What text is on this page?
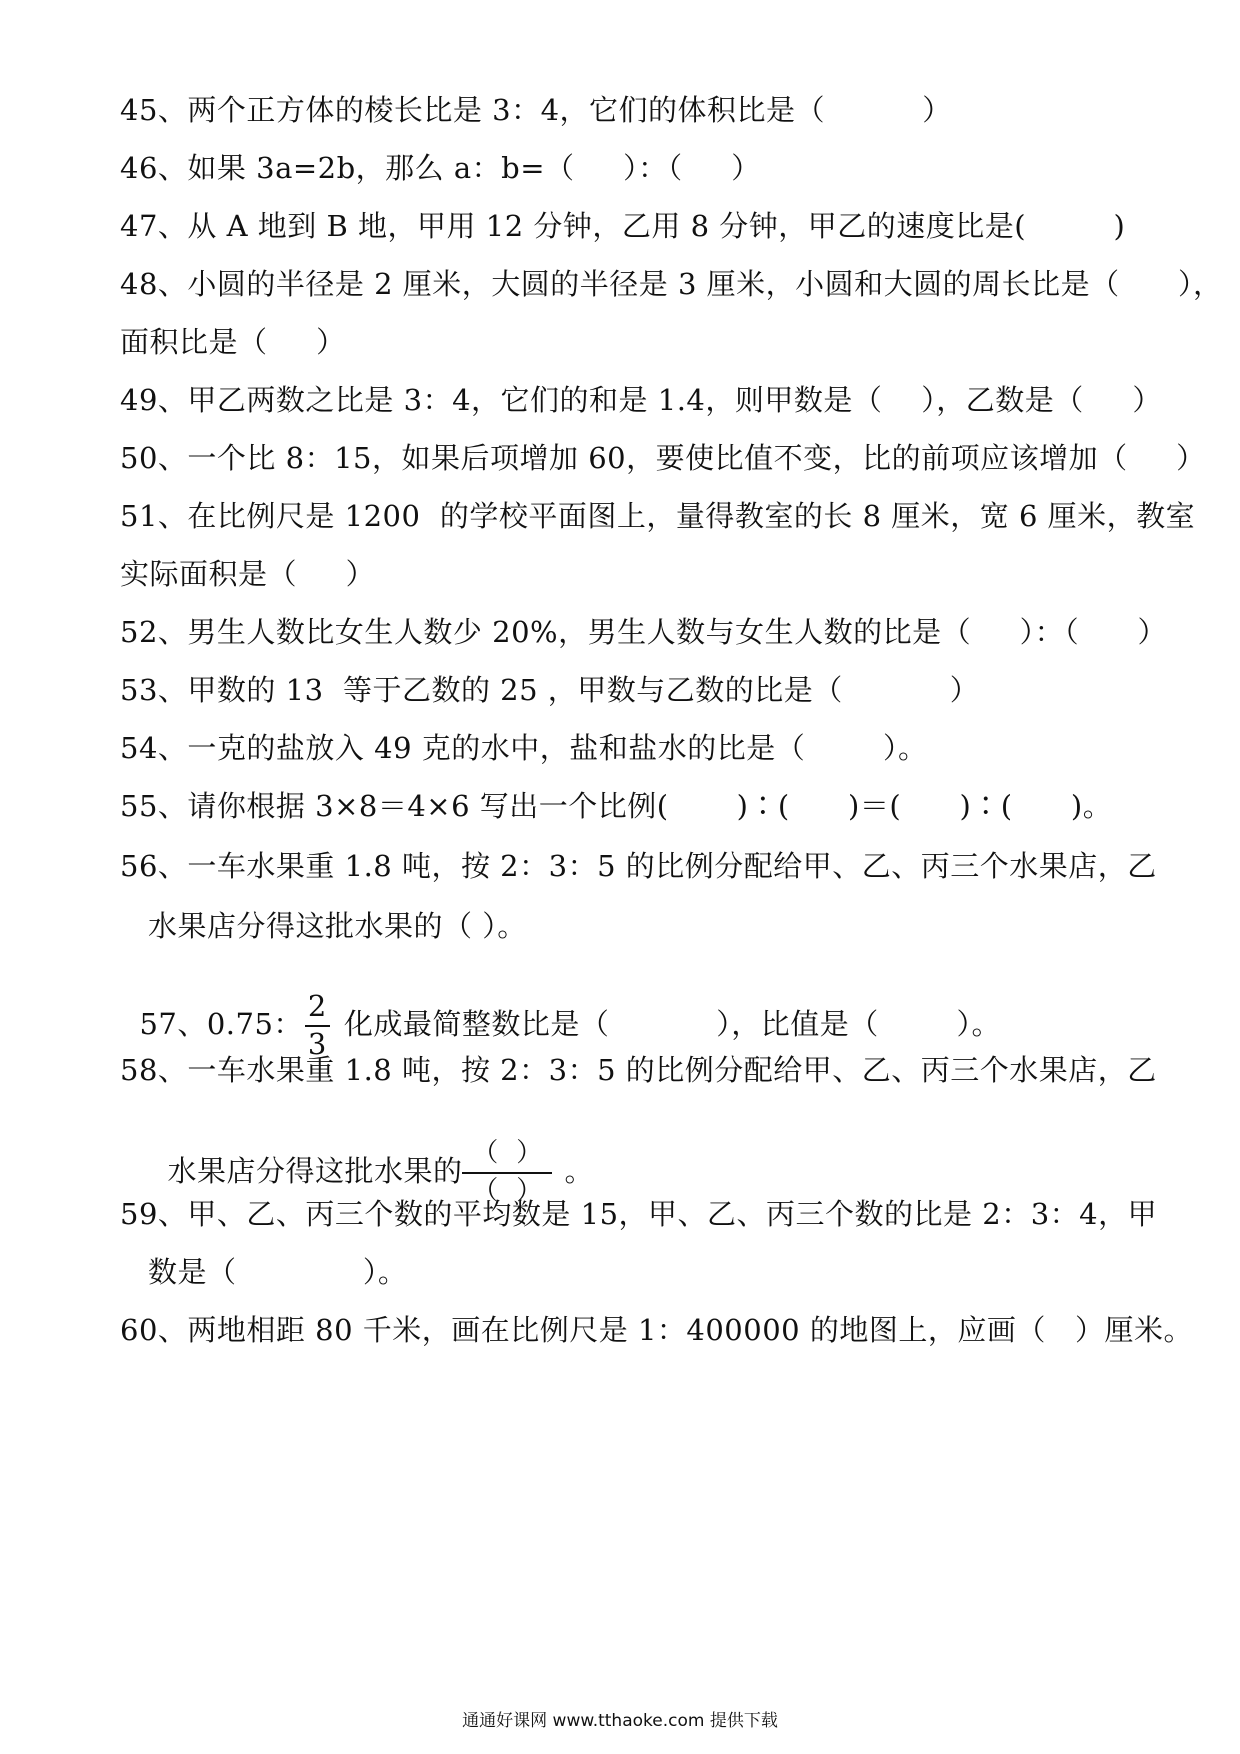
45、两个正方体的棱长比是 3：4，它们的体积比是（          ）
46、如果 3a=2b，那么 a：b=（     ）：（     ）
47、从 A 地到 B 地，甲用 12 分钟，乙用 8 分钟，甲乙的速度比是(         )
48、小圆的半径是 2 厘米，大圆的半径是 3 厘米，小圆和大圆的周长比是（      ），
面积比是（     ）
49、甲乙两数之比是 3：4，它们的和是 1.4，则甲数是（    ），乙数是（     ）
50、一个比 8：15，如果后项增加 60，要使比值不变，比的前项应该增加（     ）
51、在比例尺是 1200  的学校平面图上，量得教室的长 8 厘米，宽 6 厘米，教室
实际面积是（     ）
52、男生人数比女生人数少 20%，男生人数与女生人数的比是（     ）：（      ）
53、甲数的 13  等于乙数的 25 ，甲数与乙数的比是（           ）
54、一克的盐放入 49 克的水中，盐和盐水的比是（        ）。
55、请你根据 3×8＝4×6 写出一个比例(       )∶(      )＝(      )∶(      )。
56、一车水果重 1.8 吨，按 2：3：5 的比例分配给甲、乙、丙三个水果店，乙
水果店分得这批水果的（ ）。

57、0.75： $\frac{2}{3}$ 化成最简整数比是（           ），比值是（        ）。

58、一车水果重 1.8 吨，按 2：3：5 的比例分配给甲、乙、丙三个水果店，乙

水果店分得这批水果的 $\frac{( )}{( )}$ 。

59、甲、乙、丙三个数的平均数是 15，甲、乙、丙三个数的比是 2：3：4，甲
数是（             ）。
60、两地相距 80 千米，画在比例尺是 1：400000 的地图上，应画（   ）厘米。
通通好课网 www.tthaoke.com 提供下载
